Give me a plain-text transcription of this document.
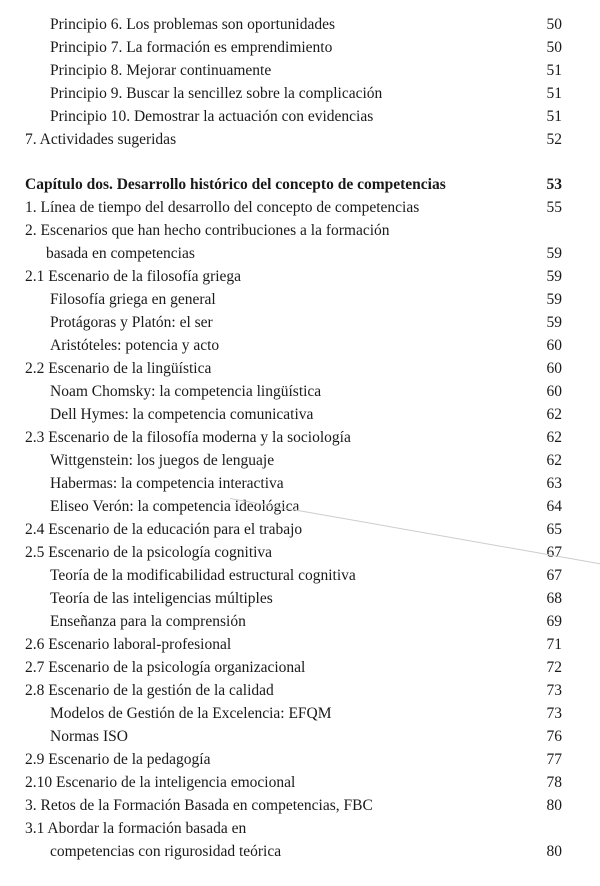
Principio 6. Los problemas son oportunidades	50
Principio 7. La formación es emprendimiento	50
Principio 8. Mejorar continuamente	51
Principio 9. Buscar la sencillez sobre la complicación	51
Principio 10. Demostrar la actuación con evidencias	51
7. Actividades sugeridas	52
Capítulo dos. Desarrollo histórico del concepto de competencias	53
1. Línea de tiempo del desarrollo del concepto de competencias	55
2. Escenarios que han hecho contribuciones a la formación
basada en competencias	59
2.1 Escenario de la filosofía griega	59
Filosofía griega en general	59
Protágoras y Platón: el ser	59
Aristóteles: potencia y acto	60
2.2 Escenario de la lingüística	60
Noam Chomsky: la competencia lingüística	60
Dell Hymes: la competencia comunicativa	62
2.3 Escenario de la filosofía moderna y la sociología	62
Wittgenstein: los juegos de lenguaje	62
Habermas: la competencia interactiva	63
Eliseo Verón: la competencia ideológica	64
2.4 Escenario de la educación para el trabajo	65
2.5 Escenario de la psicología cognitiva	67
Teoría de la modificabilidad estructural cognitiva	67
Teoría de las inteligencias múltiples	68
Enseñanza para la comprensión	69
2.6 Escenario laboral-profesional	71
2.7 Escenario de la psicología organizacional	72
2.8 Escenario de la gestión de la calidad	73
Modelos de Gestión de la Excelencia: EFQM	73
Normas ISO	76
2.9 Escenario de la pedagogía	77
2.10 Escenario de la inteligencia emocional	78
3. Retos de la Formación Basada en competencias, FBC	80
3.1 Abordar la formación basada en
competencias con rigurosidad teórica	80
